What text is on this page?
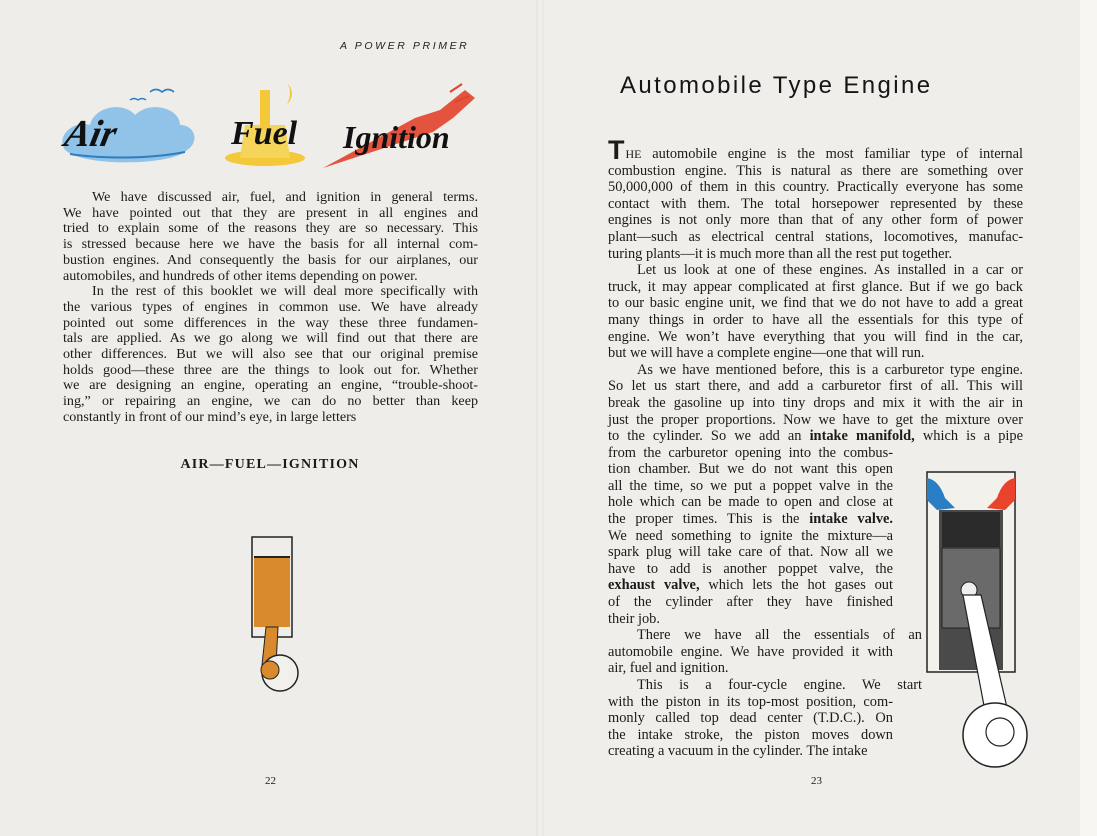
A POWER PRIMER
Air	Fuel Ignition
We have discussed air, fuel, and ignition in general terms.
We have pointed out that they are present in all engines and
tried to explain some of the reasons they are so necessary. This
is stressed because here we have the basis for all internal com-
bustion engines. And consequently the basis for our airplanes, our
automobiles, and hundreds of other items depending on power.
In the rest of this booklet we will deal more specifically with
the various types of engines in common use. We have already
pointed out some differences in the way these three fundamen-
tals are applied. As we go along we will find out that there are
other differences. But we will also see that our original premise
holds good—these three are the things to look out for. Whether
we are designing an engine, operating an engine, “trouble-shoot-
ing,” or repairing an engine, we can do no better than keep
constantly in front of our mind’s eye, in large letters
AIR—FUEL—IGNITION
22
Automobile Type Engine
THE automobile engine is the most familiar type of internal
combustion engine. This is natural as there are something over
50,000,000 of them in this country. Practically everyone has some
contact with them. The total horsepower represented by these
engines is not only more than that of any other form of power
plant—such as electrical central stations, locomotives, manufac-
turing plants—it is much more than all the rest put together.
Let us look at one of these engines. As installed in a car or
truck, it may appear complicated at first glance. But if we go back
to our basic engine unit, we find that we do not have to add a great
many things in order to have all the essentials for this type of
engine. We won’t have everything that you will find in the car,
but we will have a complete engine—one that will run.
As we have mentioned before, this is a carburetor type engine.
So let us start there, and add a carburetor first of all. This will
break the gasoline up into tiny drops and mix it with the air in
just the proper proportions. Now we have to get the mixture over
to the cylinder. So we add an intake manifold, which is a pipe
from the carburetor opening into the combus-
tion chamber. But we do not want this open
all the time, so we put a poppet valve in the
hole which can be made to open and close at
the proper times. This is the intake valve.
We need something to ignite the mixture—a
spark plug will take care of that. Now all we
have to add is another poppet valve, the
exhaust valve, which lets the hot gases out
of the cylinder after they have finished
their job.
There we have all the essentials of an
automobile engine. We have provided it with
air, fuel and ignition.
This is a four-cycle engine. We start
with the piston in its top-most position, com-
monly called top dead center (T.D.C.). On
the intake stroke, the piston moves down
creating a vacuum in the cylinder. The intake
23
